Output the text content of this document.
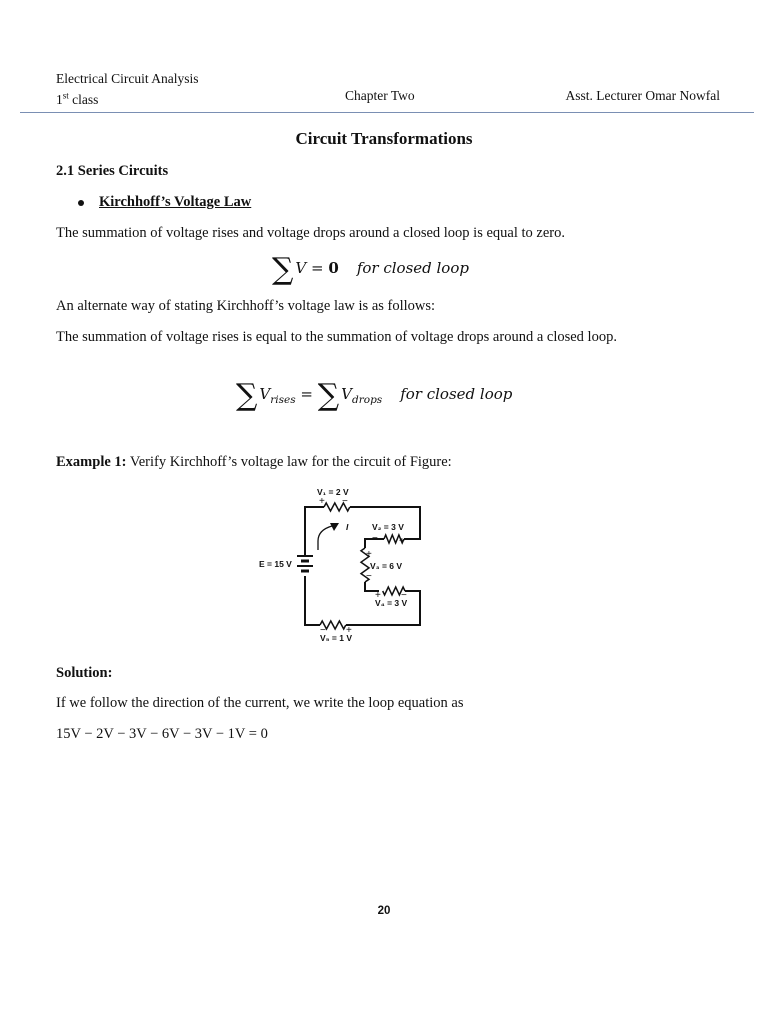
Electrical Circuit Analysis
1st class	Chapter Two	Asst. Lecturer Omar Nowfal
Circuit Transformations
2.1 Series Circuits
Kirchhoff’s Voltage Law
The summation of voltage rises and voltage drops around a closed loop is equal to zero.
∑ V = 0 for closed loop
An alternate way of stating Kirchhoff’s voltage law is as follows:
The summation of voltage rises is equal to the summation of voltage drops around a closed loop.
∑ $V_{rises}$ = ∑ $V_{drops}$ for closed loop
Example 1: Verify Kirchhoff’s voltage law for the circuit of Figure:
V₁ = 2 V
V₂ = 3 V
V₃ = 6 V
V₄ = 3 V
V₅ = 1 V
E = 15 V
I
+ −
− +
+
−
+ −
− +
Solution:
If we follow the direction of the current, we write the loop equation as
15V − 2V − 3V − 6V − 3V − 1V = 0
20
